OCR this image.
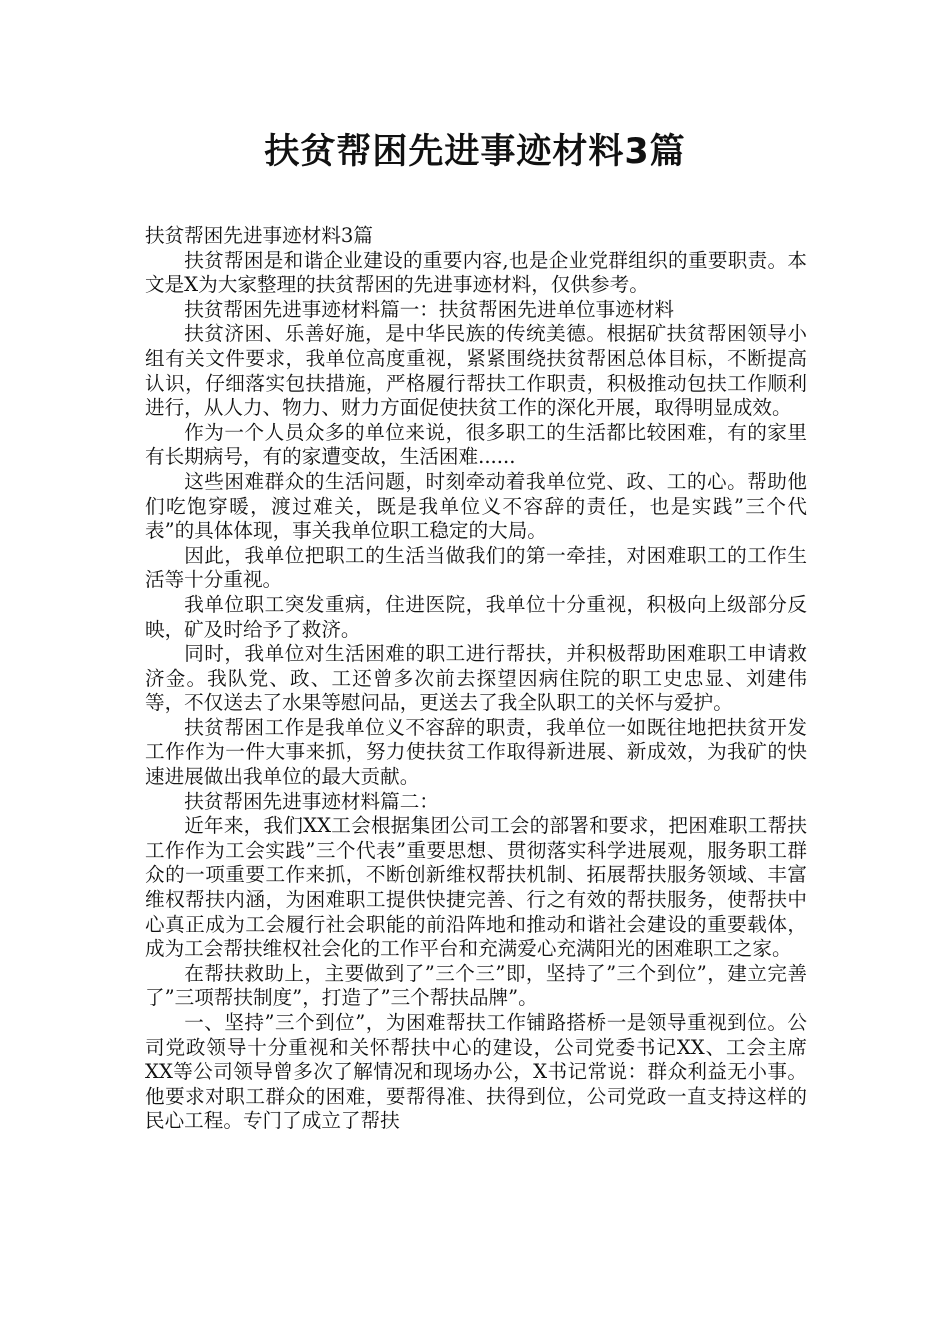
扶贫帮困先进事迹材料3篇

扶贫帮困先进事迹材料3篇

扶贫帮困是和谐企业建设的重要内容,也是企业党群组织的重要职责。本文是X为大家整理的扶贫帮困的先进事迹材料，仅供参考。

扶贫帮困先进事迹材料篇一：扶贫帮困先进单位事迹材料

扶贫济困、乐善好施，是中华民族的传统美德。根据矿扶贫帮困领导小组有关文件要求，我单位高度重视，紧紧围绕扶贫帮困总体目标，不断提高认识，仔细落实包扶措施，严格履行帮扶工作职责，积极推动包扶工作顺利进行，从人力、物力、财力方面促使扶贫工作的深化开展，取得明显成效。

作为一个人员众多的单位来说，很多职工的生活都比较困难，有的家里有长期病号，有的家遭变故，生活困难......

这些困难群众的生活问题，时刻牵动着我单位党、政、工的心。帮助他们吃饱穿暖，渡过难关，既是我单位义不容辞的责任，也是实践”三个代表”的具体体现，事关我单位职工稳定的大局。

因此，我单位把职工的生活当做我们的第一牵挂，对困难职工的工作生活等十分重视。

我单位职工突发重病，住进医院，我单位十分重视，积极向上级部分反映，矿及时给予了救济。

同时，我单位对生活困难的职工进行帮扶，并积极帮助困难职工申请救济金。我队党、政、工还曾多次前去探望因病住院的职工史忠显、刘建伟等，不仅送去了水果等慰问品，更送去了我全队职工的关怀与爱护。

扶贫帮困工作是我单位义不容辞的职责，我单位一如既往地把扶贫开发工作作为一件大事来抓，努力使扶贫工作取得新进展、新成效，为我矿的快速进展做出我单位的最大贡献。

扶贫帮困先进事迹材料篇二：

近年来，我们XX工会根据集团公司工会的部署和要求，把困难职工帮扶工作作为工会实践”三个代表”重要思想、贯彻落实科学进展观，服务职工群众的一项重要工作来抓，不断创新维权帮扶机制、拓展帮扶服务领域、丰富维权帮扶内涵，为困难职工提供快捷完善、行之有效的帮扶服务，使帮扶中心真正成为工会履行社会职能的前沿阵地和推动和谐社会建设的重要载体，成为工会帮扶维权社会化的工作平台和充满爱心充满阳光的困难职工之家。

在帮扶救助上，主要做到了”三个三”即，坚持了”三个到位”，建立完善了”三项帮扶制度”，打造了”三个帮扶品牌”。

一、坚持”三个到位”，为困难帮扶工作铺路搭桥一是领导重视到位。公司党政领导十分重视和关怀帮扶中心的建设，公司党委书记XX、工会主席XX等公司领导曾多次了解情况和现场办公，X书记常说：群众利益无小事。他要求对职工群众的困难，要帮得准、扶得到位，公司党政一直支持这样的民心工程。专门了成立了帮扶
